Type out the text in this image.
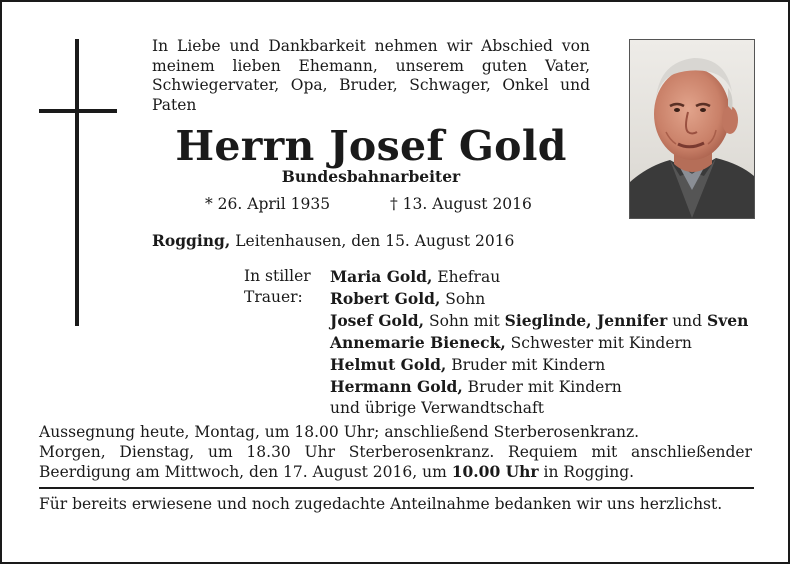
In Liebe und Dankbarkeit nehmen wir Abschied von meinem lieben Ehemann, unserem guten Vater, Schwiegervater, Opa, Bruder, Schwager, Onkel und Paten
Herrn Josef Gold
Bundesbahnarbeiter
* 26. April 1935	† 13. August 2016
Rogging, Leitenhausen, den 15. August 2016
In stiller
Trauer:
Maria Gold, Ehefrau
Robert Gold, Sohn
Josef Gold, Sohn mit Sieglinde, Jennifer und Sven
Annemarie Bieneck, Schwester mit Kindern
Helmut Gold, Bruder mit Kindern
Hermann Gold, Bruder mit Kindern
und übrige Verwandtschaft
Aussegnung heute, Montag, um 18.00 Uhr; anschließend Sterberosenkranz.
Morgen, Dienstag, um 18.30 Uhr Sterberosenkranz. Requiem mit anschließender Beerdigung am Mittwoch, den 17. August 2016, um 10.00 Uhr in Rogging.
Für bereits erwiesene und noch zugedachte Anteilnahme bedanken wir uns herzlichst.
